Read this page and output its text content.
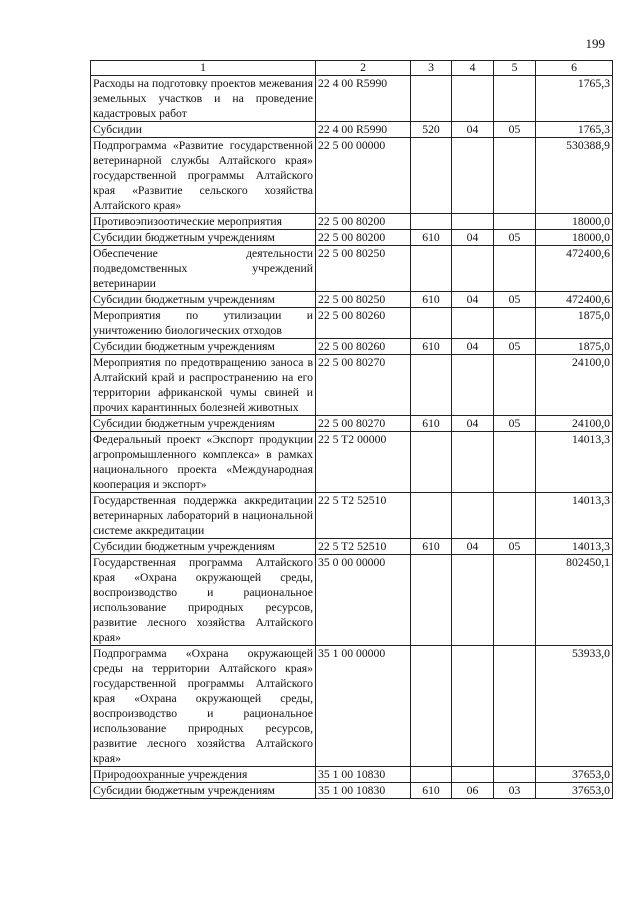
199
1	2	3	4	5	6
Расходы на подготовку проектов межевания земельных участков и на проведение кадастровых работ	22 4 00 R5990				1765,3
Субсидии	22 4 00 R5990	520	04	05	1765,3
Подпрограмма «Развитие государственной ветеринарной службы Алтайского края» государственной программы Алтайского края «Развитие сельского хозяйства Алтайского края»	22 5 00 00000				530388,9
Противоэпизоотические мероприятия	22 5 00 80200				18000,0
Субсидии бюджетным учреждениям	22 5 00 80200	610	04	05	18000,0
Обеспечение деятельности подведомственных учреждений ветеринарии	22 5 00 80250				472400,6
Субсидии бюджетным учреждениям	22 5 00 80250	610	04	05	472400,6
Мероприятия по утилизации и уничтожению биологических отходов	22 5 00 80260				1875,0
Субсидии бюджетным учреждениям	22 5 00 80260	610	04	05	1875,0
Мероприятия по предотвращению заноса в Алтайский край и распространению на его территории африканской чумы свиней и прочих карантинных болезней животных	22 5 00 80270				24100,0
Субсидии бюджетным учреждениям	22 5 00 80270	610	04	05	24100,0
Федеральный проект «Экспорт продукции агропромышленного комплекса» в рамках национального проекта «Международная кооперация и экспорт»	22 5 T2 00000				14013,3
Государственная поддержка аккредитации ветеринарных лабораторий в национальной системе аккредитации	22 5 T2 52510				14013,3
Субсидии бюджетным учреждениям	22 5 T2 52510	610	04	05	14013,3
Государственная программа Алтайского края «Охрана окружающей среды, воспроизводство и рациональное использование природных ресурсов, развитие лесного хозяйства Алтайского края»	35 0 00 00000				802450,1
Подпрограмма «Охрана окружающей среды на территории Алтайского края» государственной программы Алтайского края «Охрана окружающей среды, воспроизводство и рациональное использование природных ресурсов, развитие лесного хозяйства Алтайского края»	35 1 00 00000				53933,0
Природоохранные учреждения	35 1 00 10830				37653,0
Субсидии бюджетным учреждениям	35 1 00 10830	610	06	03	37653,0
